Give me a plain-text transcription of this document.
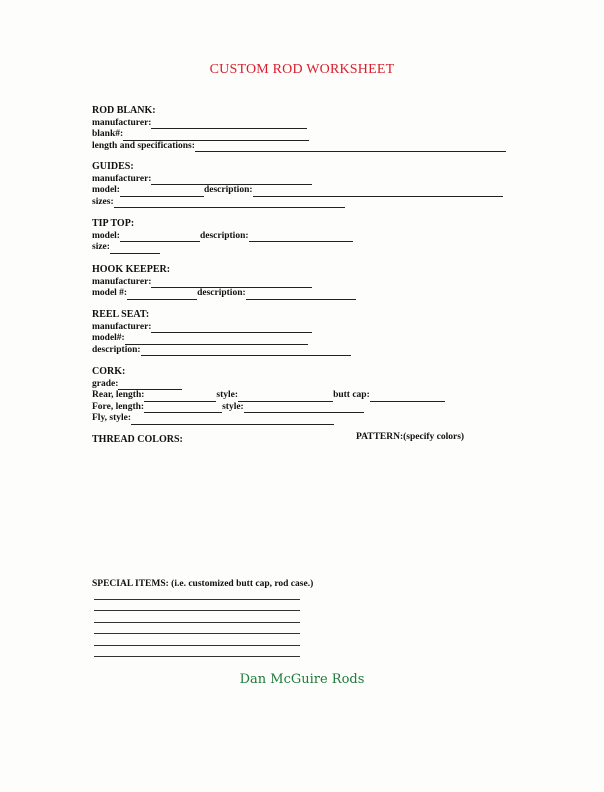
CUSTOM ROD WORKSHEET
ROD BLANK:
manufacturer:
blank#:
length and specifications:
GUIDES:
manufacturer:
model:	description:
sizes:
TIP TOP:
model:	description:
size:
HOOK KEEPER:
manufacturer:
model #:	description:
REEL SEAT:
manufacturer:
model#:
description:
CORK:
grade:
Rear, length:	style:	butt cap:
Fore, length:	style:
Fly, style:
THREAD COLORS:	PATTERN:(specify colors)
SPECIAL ITEMS: (i.e. customized butt cap, rod case.)
Dan McGuire Rods
